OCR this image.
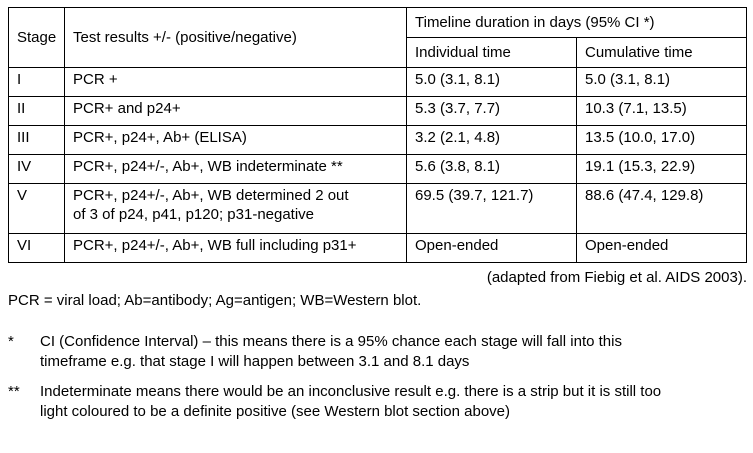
Stage	Test results +/- (positive/negative)	Timeline duration in days (95% CI *)	
		Individual time	Cumulative time
I	PCR +	5.0 (3.1, 8.1)	5.0 (3.1, 8.1)
II	PCR+ and p24+	5.3 (3.7, 7.7)	10.3 (7.1, 13.5)
III	PCR+, p24+, Ab+ (ELISA)	3.2 (2.1, 4.8)	13.5 (10.0, 17.0)
IV	PCR+, p24+/-, Ab+, WB indeterminate **	5.6 (3.8, 8.1)	19.1 (15.3, 22.9)
V	PCR+, p24+/-, Ab+, WB determined 2 out
of 3 of p24, p41, p120; p31-negative	69.5 (39.7, 121.7)	88.6 (47.4, 129.8)
VI	PCR+, p24+/-, Ab+, WB full including p31+	Open-ended	Open-ended
(adapted from Fiebig et al. AIDS 2003).
PCR = viral load; Ab=antibody; Ag=antigen; WB=Western blot.
* CI (Confidence Interval) – this means there is a 95% chance each stage will fall into this
timeframe e.g. that stage I will happen between 3.1 and 8.1 days
** Indeterminate means there would be an inconclusive result e.g. there is a strip but it is still too
light coloured to be a definite positive (see Western blot section above)
